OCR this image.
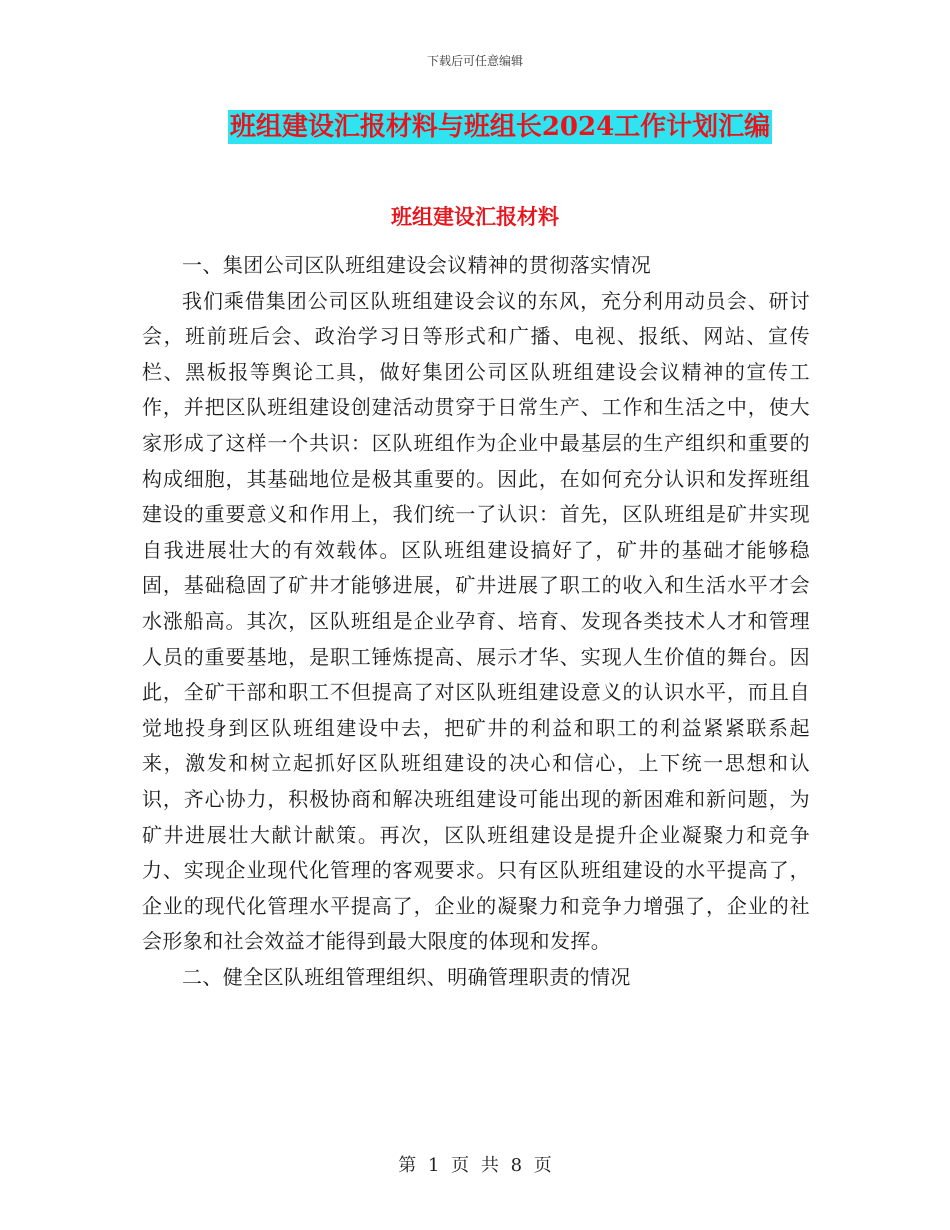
下载后可任意编辑
班组建设汇报材料与班组长2024工作计划汇编
班组建设汇报材料

一、集团公司区队班组建设会议精神的贯彻落实情况

我们乘借集团公司区队班组建设会议的东风，充分利用动员会、研讨会，班前班后会、政治学习日等形式和广播、电视、报纸、网站、宣传栏、黑板报等舆论工具，做好集团公司区队班组建设会议精神的宣传工作，并把区队班组建设创建活动贯穿于日常生产、工作和生活之中，使大家形成了这样一个共识：区队班组作为企业中最基层的生产组织和重要的构成细胞，其基础地位是极其重要的。因此，在如何充分认识和发挥班组建设的重要意义和作用上，我们统一了认识：首先，区队班组是矿井实现自我进展壮大的有效载体。区队班组建设搞好了，矿井的基础才能够稳固，基础稳固了矿井才能够进展，矿井进展了职工的收入和生活水平才会水涨船高。其次，区队班组是企业孕育、培育、发现各类技术人才和管理人员的重要基地，是职工锤炼提高、展示才华、实现人生价值的舞台。因此，全矿干部和职工不但提高了对区队班组建设意义的认识水平，而且自觉地投身到区队班组建设中去，把矿井的利益和职工的利益紧紧联系起来，激发和树立起抓好区队班组建设的决心和信心，上下统一思想和认识，齐心协力，积极协商和解决班组建设可能出现的新困难和新问题，为矿井进展壮大献计献策。再次，区队班组建设是提升企业凝聚力和竞争力、实现企业现代化管理的客观要求。只有区队班组建设的水平提高了，企业的现代化管理水平提高了，企业的凝聚力和竞争力增强了，企业的社会形象和社会效益才能得到最大限度的体现和发挥。

二、健全区队班组管理组织、明确管理职责的情况

第 1 页 共 8 页
